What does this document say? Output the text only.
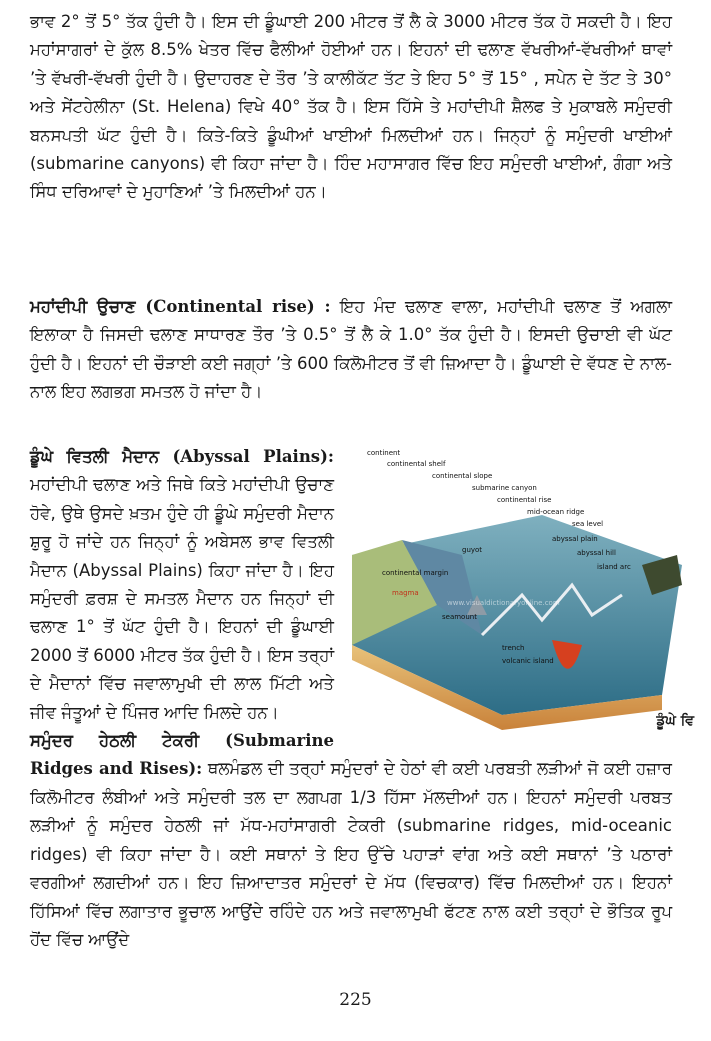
ਭਾਵ 2° ਤੋਂ 5° ਤੱਕ ਹੁੰਦੀ ਹੈ। ਇਸ ਦੀ ਡੂੰਘਾਈ 200 ਮੀਟਰ ਤੋਂ ਲੈ ਕੇ 3000 ਮੀਟਰ ਤੱਕ ਹੋ ਸਕਦੀ ਹੈ। ਇਹ ਮਹਾਂਸਾਗਰਾਂ ਦੇ ਕੁੱਲ 8.5% ਖੇਤਰ ਵਿੱਚ ਫੈਲੀਆਂ ਹੋਈਆਂ ਹਨ। ਇਹਨਾਂ ਦੀ ਢਲਾਣ ਵੱਖਰੀਆਂ-ਵੱਖਰੀਆਂ ਥਾਵਾਂ ’ਤੇ ਵੱਖਰੀ-ਵੱਖਰੀ ਹੁੰਦੀ ਹੈ। ਉਦਾਹਰਣ ਦੇ ਤੌਰ ’ਤੇ ਕਾਲੀਕੱਟ ਤੱਟ ਤੇ ਇਹ 5° ਤੋਂ 15° , ਸਪੇਨ ਦੇ ਤੱਟ ਤੇ 30° ਅਤੇ ਸੇਂਟਹੇਲੀਨਾ (St. Helena) ਵਿਖੇ 40° ਤੱਕ ਹੈ। ਇਸ ਹਿੱਸੇ ਤੇ ਮਹਾਂਦੀਪੀ ਸ਼ੈਲਫ ਤੇ ਮੁਕਾਬਲੇ ਸਮੁੰਦਰੀ ਬਨਸਪਤੀ ਘੱਟ ਹੁੰਦੀ ਹੈ। ਕਿਤੇ-ਕਿਤੇ ਡੂੰਘੀਆਂ ਖਾਈਆਂ ਮਿਲਦੀਆਂ ਹਨ। ਜਿਨ੍ਹਾਂ ਨੂੰ ਸਮੁੰਦਰੀ ਖਾਈਆਂ (submarine canyons) ਵੀ ਕਿਹਾ ਜਾਂਦਾ ਹੈ। ਹਿੰਦ ਮਹਾਸਾਗਰ ਵਿੱਚ ਇਹ ਸਮੁੰਦਰੀ ਖਾਈਆਂ, ਗੰਗਾ ਅਤੇ ਸਿੰਧ ਦਰਿਆਵਾਂ ਦੇ ਮੁਹਾਣਿਆਂ ’ਤੇ ਮਿਲਦੀਆਂ ਹਨ।

ਮਹਾਂਦੀਪੀ ਉਚਾਣ (Continental rise) : ਇਹ ਮੰਦ ਢਲਾਣ ਵਾਲਾ, ਮਹਾਂਦੀਪੀ ਢਲਾਣ ਤੋਂ ਅਗਲਾ ਇਲਾਕਾ ਹੈ ਜਿਸਦੀ ਢਲਾਣ ਸਾਧਾਰਣ ਤੌਰ ’ਤੇ 0.5° ਤੋਂ ਲੈ ਕੇ 1.0° ਤੱਕ ਹੁੰਦੀ ਹੈ। ਇਸਦੀ ਉਚਾਈ ਵੀ ਘੱਟ ਹੁੰਦੀ ਹੈ। ਇਹਨਾਂ ਦੀ ਚੌੜਾਈ ਕਈ ਜਗ੍ਹਾਂ ’ਤੇ 600 ਕਿਲੋਮੀਟਰ ਤੋਂ ਵੀ ਜ਼ਿਆਦਾ ਹੈ। ਡੂੰਘਾਈ ਦੇ ਵੱਧਣ ਦੇ ਨਾਲ-ਨਾਲ ਇਹ ਲਗਭਗ ਸਮਤਲ ਹੋ ਜਾਂਦਾ ਹੈ।

continent
continental shelf
continental slope
submarine canyon
continental rise
mid-ocean ridge
sea level
abyssal plain
guyot	abyssal hill
island arc
continental margin
magma
seamount
trench
volcanic island
www.visualdictionaryonline.com
ਡੂੰਘੇ ਵਿ
ਡੂੰਘੇ ਵਿਤਲੀ ਮੈਦਾਨ (Abyssal Plains): ਮਹਾਂਦੀਪੀ ਢਲਾਣ ਅਤੇ ਜਿਥੇ ਕਿਤੇ ਮਹਾਂਦੀਪੀ ਉਚਾਣ ਹੋਵੇ, ਉਥੇ ਉਸਦੇ ਖ਼ਤਮ ਹੁੰਦੇ ਹੀ ਡੂੰਘੇ ਸਮੁੰਦਰੀ ਮੈਦਾਨ ਸ਼ੁਰੂ ਹੋ ਜਾਂਦੇ ਹਨ ਜਿਨ੍ਹਾਂ ਨੂੰ ਅਬੇਸਲ ਭਾਵ ਵਿਤਲੀ ਮੈਦਾਨ (Abyssal Plains) ਕਿਹਾ ਜਾਂਦਾ ਹੈ। ਇਹ ਸਮੁੰਦਰੀ ਫ਼ਰਸ਼ ਦੇ ਸਮਤਲ ਮੈਦਾਨ ਹਨ ਜਿਨ੍ਹਾਂ ਦੀ ਢਲਾਣ 1° ਤੋਂ ਘੱਟ ਹੁੰਦੀ ਹੈ। ਇਹਨਾਂ ਦੀ ਡੂੰਘਾਈ 2000 ਤੋਂ 6000 ਮੀਟਰ ਤੱਕ ਹੁੰਦੀ ਹੈ। ਇਸ ਤਰ੍ਹਾਂ ਦੇ ਮੈਦਾਨਾਂ ਵਿੱਚ ਜਵਾਲਾਮੁਖੀ ਦੀ ਲਾਲ ਮਿੱਟੀ ਅਤੇ ਜੀਵ ਜੰਤੂਆਂ ਦੇ ਪਿੰਜਰ ਆਦਿ ਮਿਲਦੇ ਹਨ।
ਸਮੁੰਦਰ ਹੇਠਲੀ ਟੇਕਰੀ (Submarine Ridges and Rises): ਥਲਮੰਡਲ ਦੀ ਤਰ੍ਹਾਂ ਸਮੁੰਦਰਾਂ ਦੇ ਹੇਠਾਂ ਵੀ ਕਈ ਪਰਬਤੀ ਲੜੀਆਂ ਜੋ ਕਈ ਹਜ਼ਾਰ ਕਿਲੋਮੀਟਰ ਲੰਬੀਆਂ ਅਤੇ ਸਮੁੰਦਰੀ ਤਲ ਦਾ ਲਗਪਗ 1/3 ਹਿੱਸਾ ਮੱਲਦੀਆਂ ਹਨ। ਇਹਨਾਂ ਸਮੁੰਦਰੀ ਪਰਬਤ ਲੜੀਆਂ ਨੂੰ ਸਮੁੰਦਰ ਹੇਠਲੀ ਜਾਂ ਮੱਧ-ਮਹਾਂਸਾਗਰੀ ਟੇਕਰੀ (submarine ridges, mid-oceanic ridges) ਵੀ ਕਿਹਾ ਜਾਂਦਾ ਹੈ। ਕਈ ਸਥਾਨਾਂ ਤੇ ਇਹ ਉੱਚੇ ਪਹਾੜਾਂ ਵਾਂਗ ਅਤੇ ਕਈ ਸਥਾਨਾਂ ’ਤੇ ਪਠਾਰਾਂ ਵਰਗੀਆਂ ਲਗਦੀਆਂ ਹਨ। ਇਹ ਜ਼ਿਆਦਾਤਰ ਸਮੁੰਦਰਾਂ ਦੇ ਮੱਧ (ਵਿਚਕਾਰ) ਵਿੱਚ ਮਿਲਦੀਆਂ ਹਨ। ਇਹਨਾਂ ਹਿੱਸਿਆਂ ਵਿੱਚ ਲਗਾਤਾਰ ਭੂਚਾਲ ਆਉਂਦੇ ਰਹਿੰਦੇ ਹਨ ਅਤੇ ਜਵਾਲਾਮੁਖੀ ਫੱਟਣ ਨਾਲ ਕਈ ਤਰ੍ਹਾਂ ਦੇ ਭੌਤਿਕ ਰੂਪ ਹੋਂਦ ਵਿੱਚ ਆਉਂਦੇ
225
